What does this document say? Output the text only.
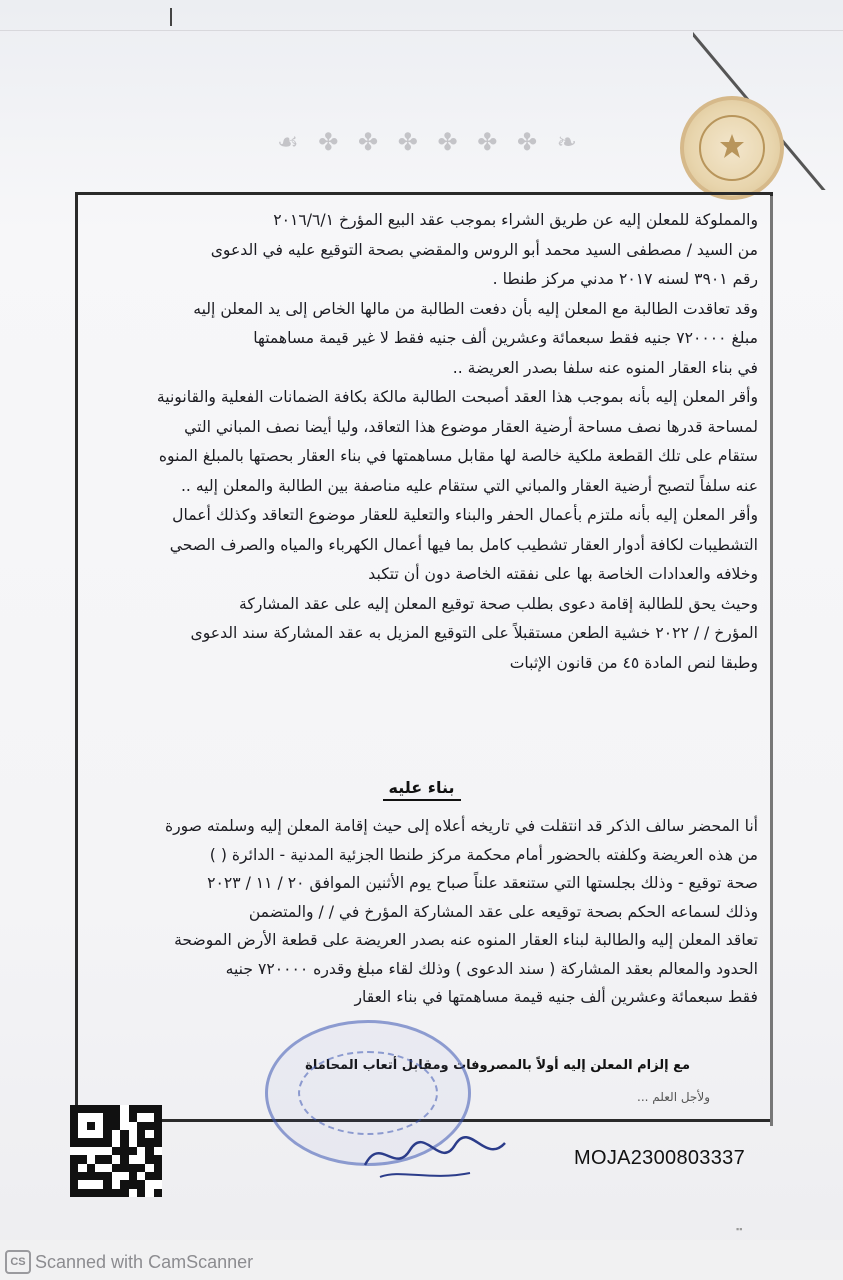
☙ ✤ ✤ ✤ ✤ ✤ ✤ ❧
والمملوكة للمعلن إليه عن طريق الشراء بموجب عقد البيع المؤرخ ٢٠١٦/٦/١
من السيد / مصطفى السيد محمد أبو الروس والمقضي بصحة التوقيع عليه في الدعوى
رقم ٣٩٠١ لسنه ٢٠١٧ مدني مركز طنطا .
وقد تعاقدت الطالبة مع المعلن إليه بأن دفعت الطالبة من مالها الخاص إلى يد المعلن إليه
مبلغ ٧٢٠٠٠٠ جنيه فقط سبعمائة وعشرين ألف جنيه فقط لا غير قيمة مساهمتها
في بناء العقار المنوه عنه سلفا بصدر العريضة ..
وأقر المعلن إليه بأنه بموجب هذا العقد أصبحت الطالبة مالكة بكافة الضمانات الفعلية والقانونية
لمساحة قدرها نصف مساحة أرضية العقار موضوع هذا التعاقد، وليا أيضا نصف المباني التي
ستقام على تلك القطعة ملكية خالصة لها مقابل مساهمتها في بناء العقار بحصتها بالمبلغ المنوه
عنه سلفاً لتصبح أرضية العقار والمباني التي ستقام عليه مناصفة بين الطالبة والمعلن إليه ..
وأقر المعلن إليه بأنه ملتزم بأعمال الحفر والبناء والتعلية للعقار موضوع التعاقد وكذلك أعمال
التشطيبات لكافة أدوار العقار تشطيب كامل بما فيها أعمال الكهرباء والمياه والصرف الصحي
وخلافه والعدادات الخاصة بها على نفقته الخاصة دون أن تتكبد
وحيث يحق للطالبة إقامة دعوى بطلب صحة توقيع المعلن إليه على عقد المشاركة
المؤرخ / / ٢٠٢٢ خشية الطعن مستقبلاً على التوقيع المزيل به عقد المشاركة سند الدعوى
وطبقا لنص المادة ٤٥ من قانون الإثبات
بناء عليه
أنا المحضر سالف الذكر قد انتقلت في تاريخه أعلاه إلى حيث إقامة المعلن إليه وسلمته صورة
من هذه العريضة وكلفته بالحضور أمام محكمة مركز طنطا الجزئية المدنية - الدائرة ( )
صحة توقيع - وذلك بجلستها التي ستنعقد علناً صباح يوم الأثنين الموافق ٢٠ / ١١ / ٢٠٢٣
وذلك لسماعه الحكم بصحة توقيعه على عقد المشاركة المؤرخ في / / والمتضمن
تعاقد المعلن إليه والطالبة لبناء العقار المنوه عنه بصدر العريضة على قطعة الأرض الموضحة
الحدود والمعالم بعقد المشاركة ( سند الدعوى ) وذلك لقاء مبلغ وقدره ٧٢٠٠٠٠ جنيه
فقط سبعمائة وعشرين ألف جنيه قيمة مساهمتها في بناء العقار
مع إلزام المعلن إليه أولاً بالمصروفات ومقابل أتعاب المحاماة
ولأجل العلم ...
MOJA2300803337
▪▪
CS Scanned with CamScanner
